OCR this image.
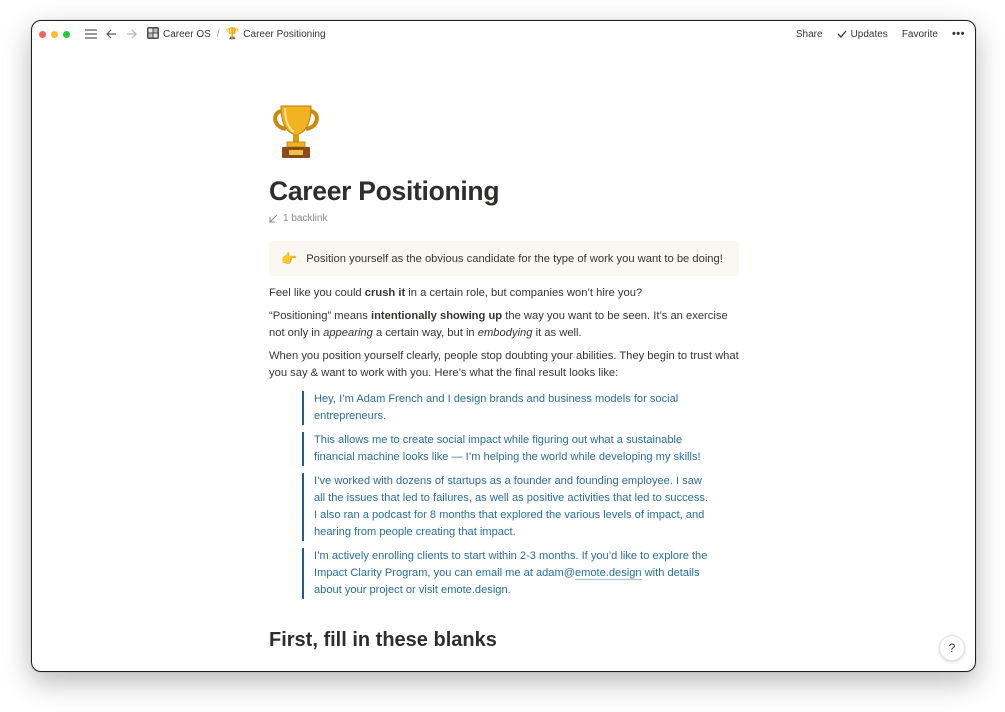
Career OS / 🏆 Career Positioning	Share	Updates Favorite •••
Career Positioning
1 backlink
👉 Position yourself as the obvious candidate for the type of work you want to be doing!
Feel like you could crush it in a certain role, but companies won’t hire you?
“Positioning” means intentionally showing up the way you want to be seen. It’s an exercise not only in appearing a certain way, but in embodying it as well.
When you position yourself clearly, people stop doubting your abilities. They begin to trust what you say & want to work with you. Here’s what the final result looks like:
Hey, I’m Adam French and I design brands and business models for social entrepreneurs.
This allows me to create social impact while figuring out what a sustainable financial machine looks like — I’m helping the world while developing my skills!
I’ve worked with dozens of startups as a founder and founding employee. I saw all the issues that led to failures, as well as positive activities that led to success. I also ran a podcast for 8 months that explored the various levels of impact, and hearing from people creating that impact.
I’m actively enrolling clients to start within 2-3 months. If you’d like to explore the Impact Clarity Program, you can email me at adam@emote.design with details about your project or visit emote.design.
First, fill in these blanks	?
